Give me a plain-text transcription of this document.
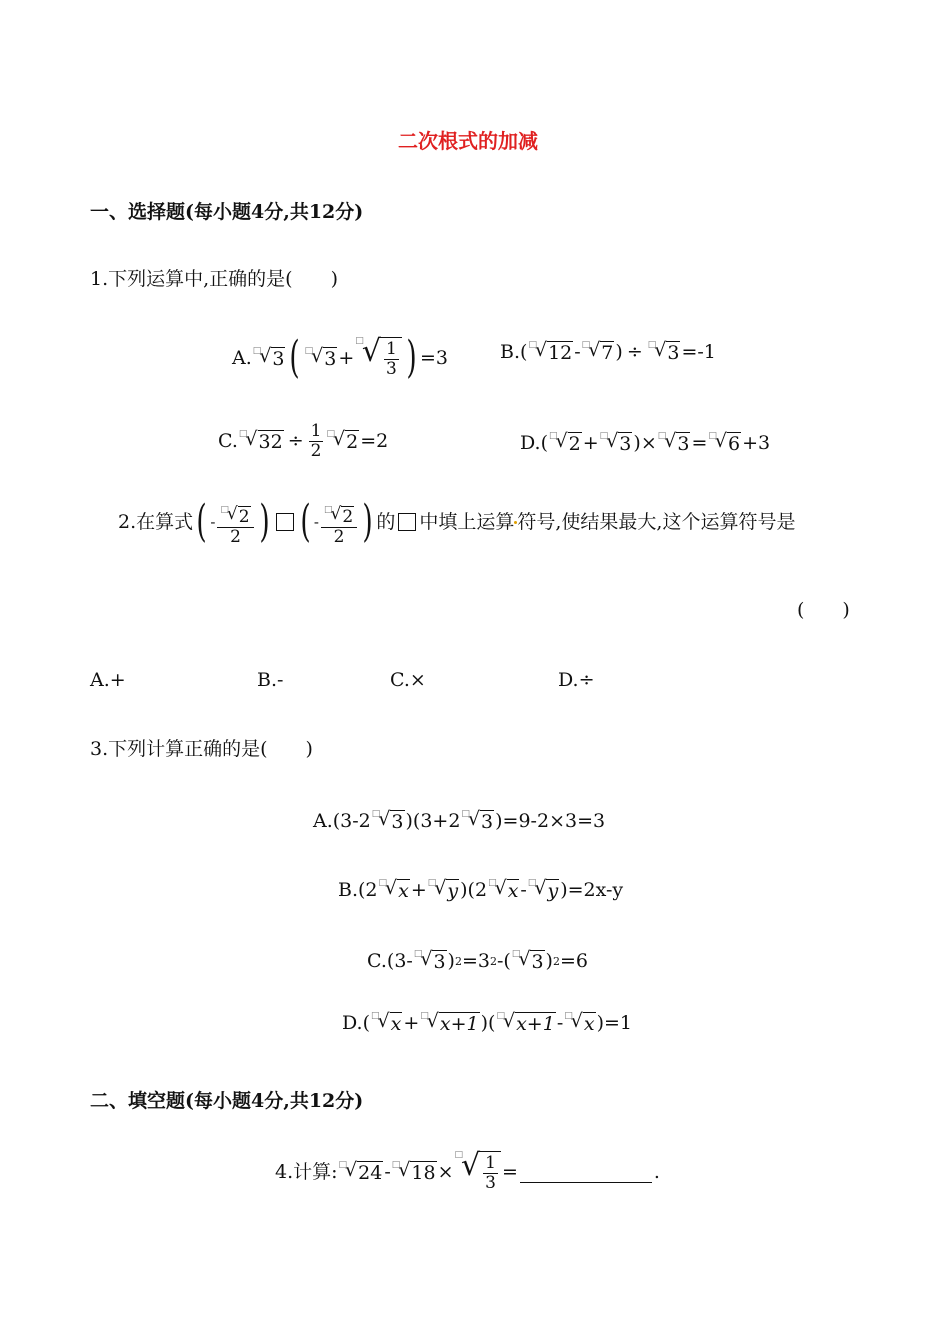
二次根式的加减
一、选择题(每小题4分,共12分)
1.下列运算中,正确的是(　　)
A. □
√ 3 ( □
√ 3 +
□
√ $\frac{1}{3}$ ) =3	B. ( □
√ 12 - □
√ 7 ) ÷ □
√ 3 =-1
C. □
√ $32 \div \frac{1}{2}$ □
√ 2 =2	D. ( □
√ 2 + □
√ 3 ) × □
√ 3 = □
√ 6 +3
2.在算式 ( - □
√ 2
2 ) ( - □
√ 2
2 ) 的 中填上运算 符号,使结果最大,这个运算符号是
(　　)
A.+	B.-	C.×	D.÷
3.下列计算正确的是(　　)
A.(3-2 □
√ 3 )(3+2 □
√ 3 )=9-2×3=3
B.(2 □
√ x + □
√ y )(2 □
√ x - □
√ y )=2x-y
C.(3- □
√ 3 ) 2 =3 2 -( □
√ 3 ) 2 =6
D.( □
√ x + □
√ x+1 )( □
√ x+1 - □
√ x )=1
二、填空题(每小题4分,共12分)
4.计算: □
√ 24 - □
√ 18 ×
□
√ $\frac{1}{3}$ =	.
